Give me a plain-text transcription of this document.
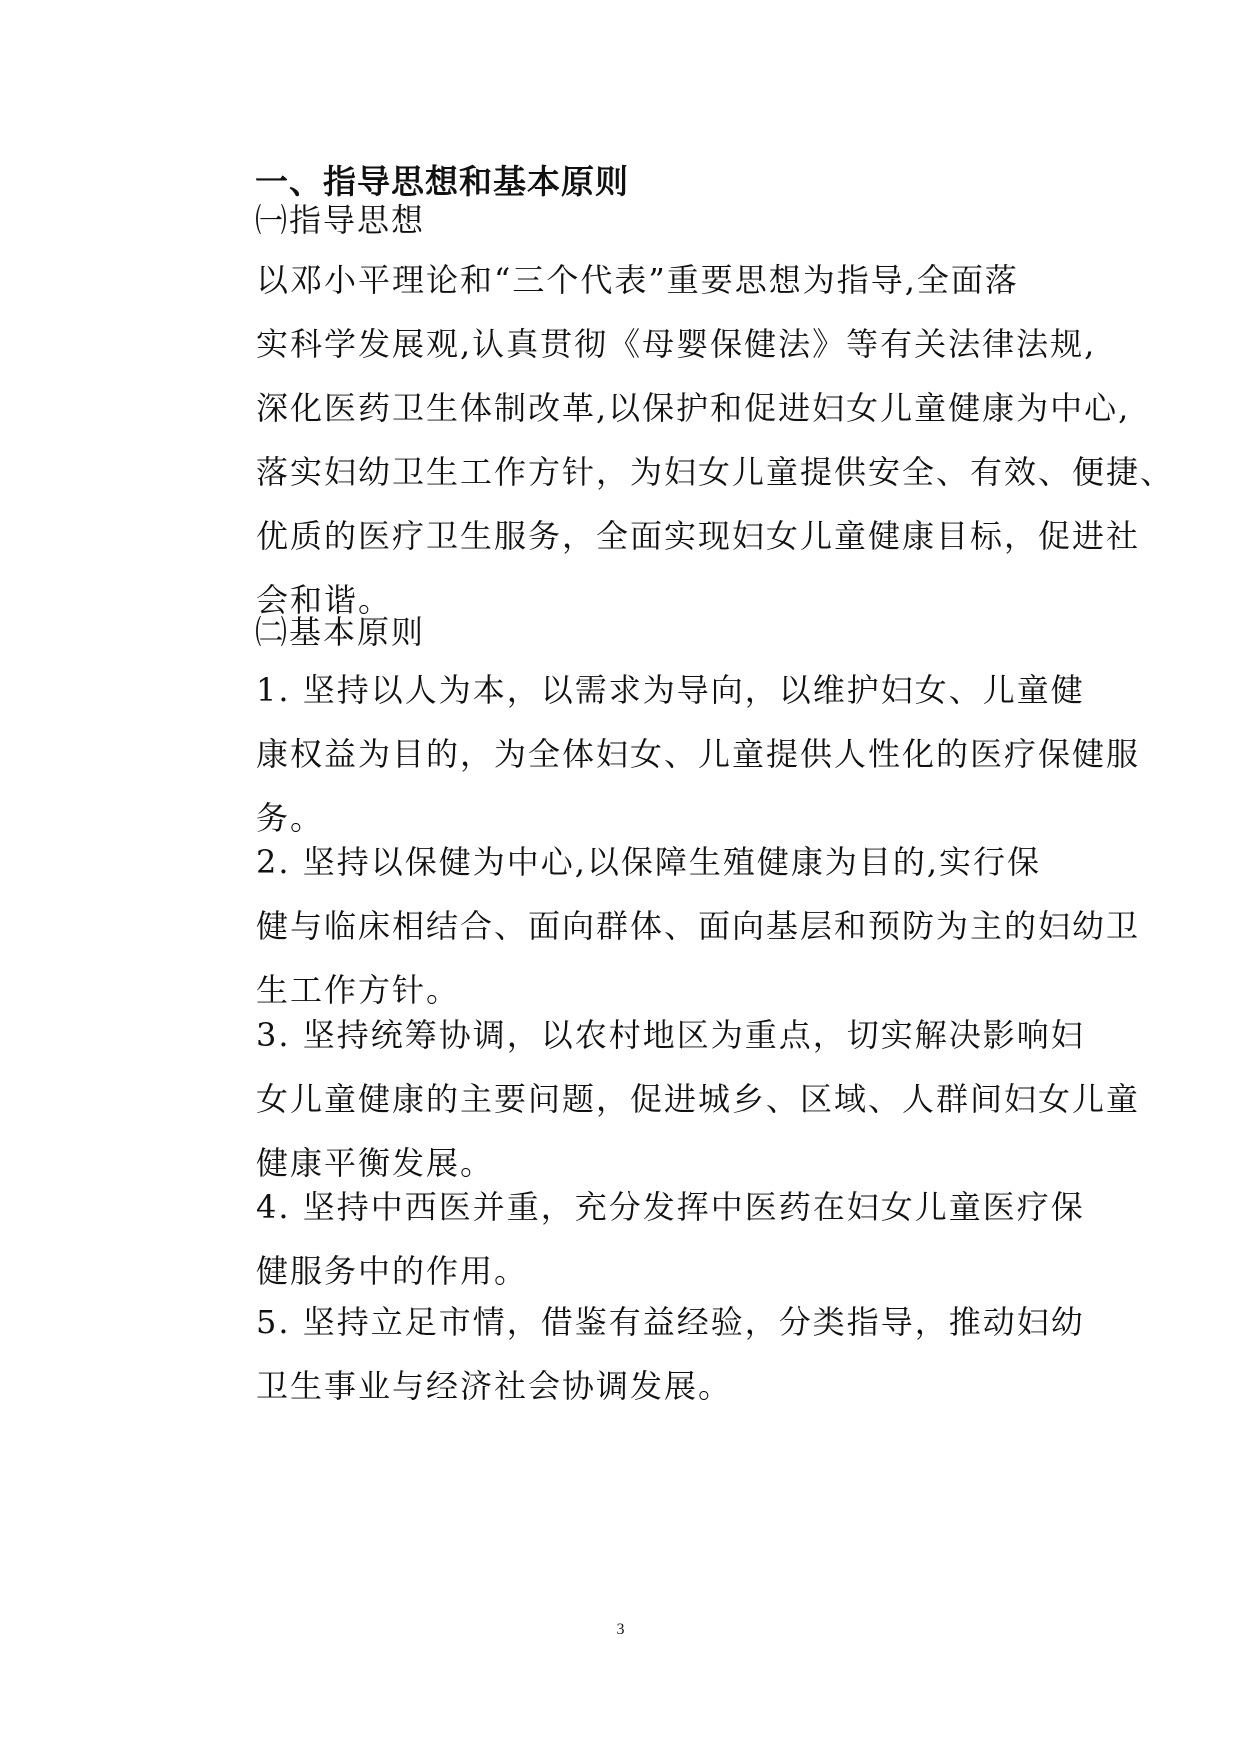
一、指导思想和基本原则

㈠指导思想

以邓小平理论和“三个代表”重要思想为指导,全面落
实科学发展观,认真贯彻《母婴保健法》等有关法律法规,
深化医药卫生体制改革,以保护和促进妇女儿童健康为中心,
落实妇幼卫生工作方针，为妇女儿童提供安全、有效、便捷、
优质的医疗卫生服务，全面实现妇女儿童健康目标，促进社
会和谐。

㈡基本原则

1. 坚持以人为本，以需求为导向，以维护妇女、儿童健
康权益为目的，为全体妇女、儿童提供人性化的医疗保健服
务。

2. 坚持以保健为中心,以保障生殖健康为目的,实行保
健与临床相结合、面向群体、面向基层和预防为主的妇幼卫
生工作方针。

3. 坚持统筹协调，以农村地区为重点，切实解决影响妇
女儿童健康的主要问题，促进城乡、区域、人群间妇女儿童
健康平衡发展。

4. 坚持中西医并重，充分发挥中医药在妇女儿童医疗保
健服务中的作用。

5. 坚持立足市情，借鉴有益经验，分类指导，推动妇幼
卫生事业与经济社会协调发展。

3
